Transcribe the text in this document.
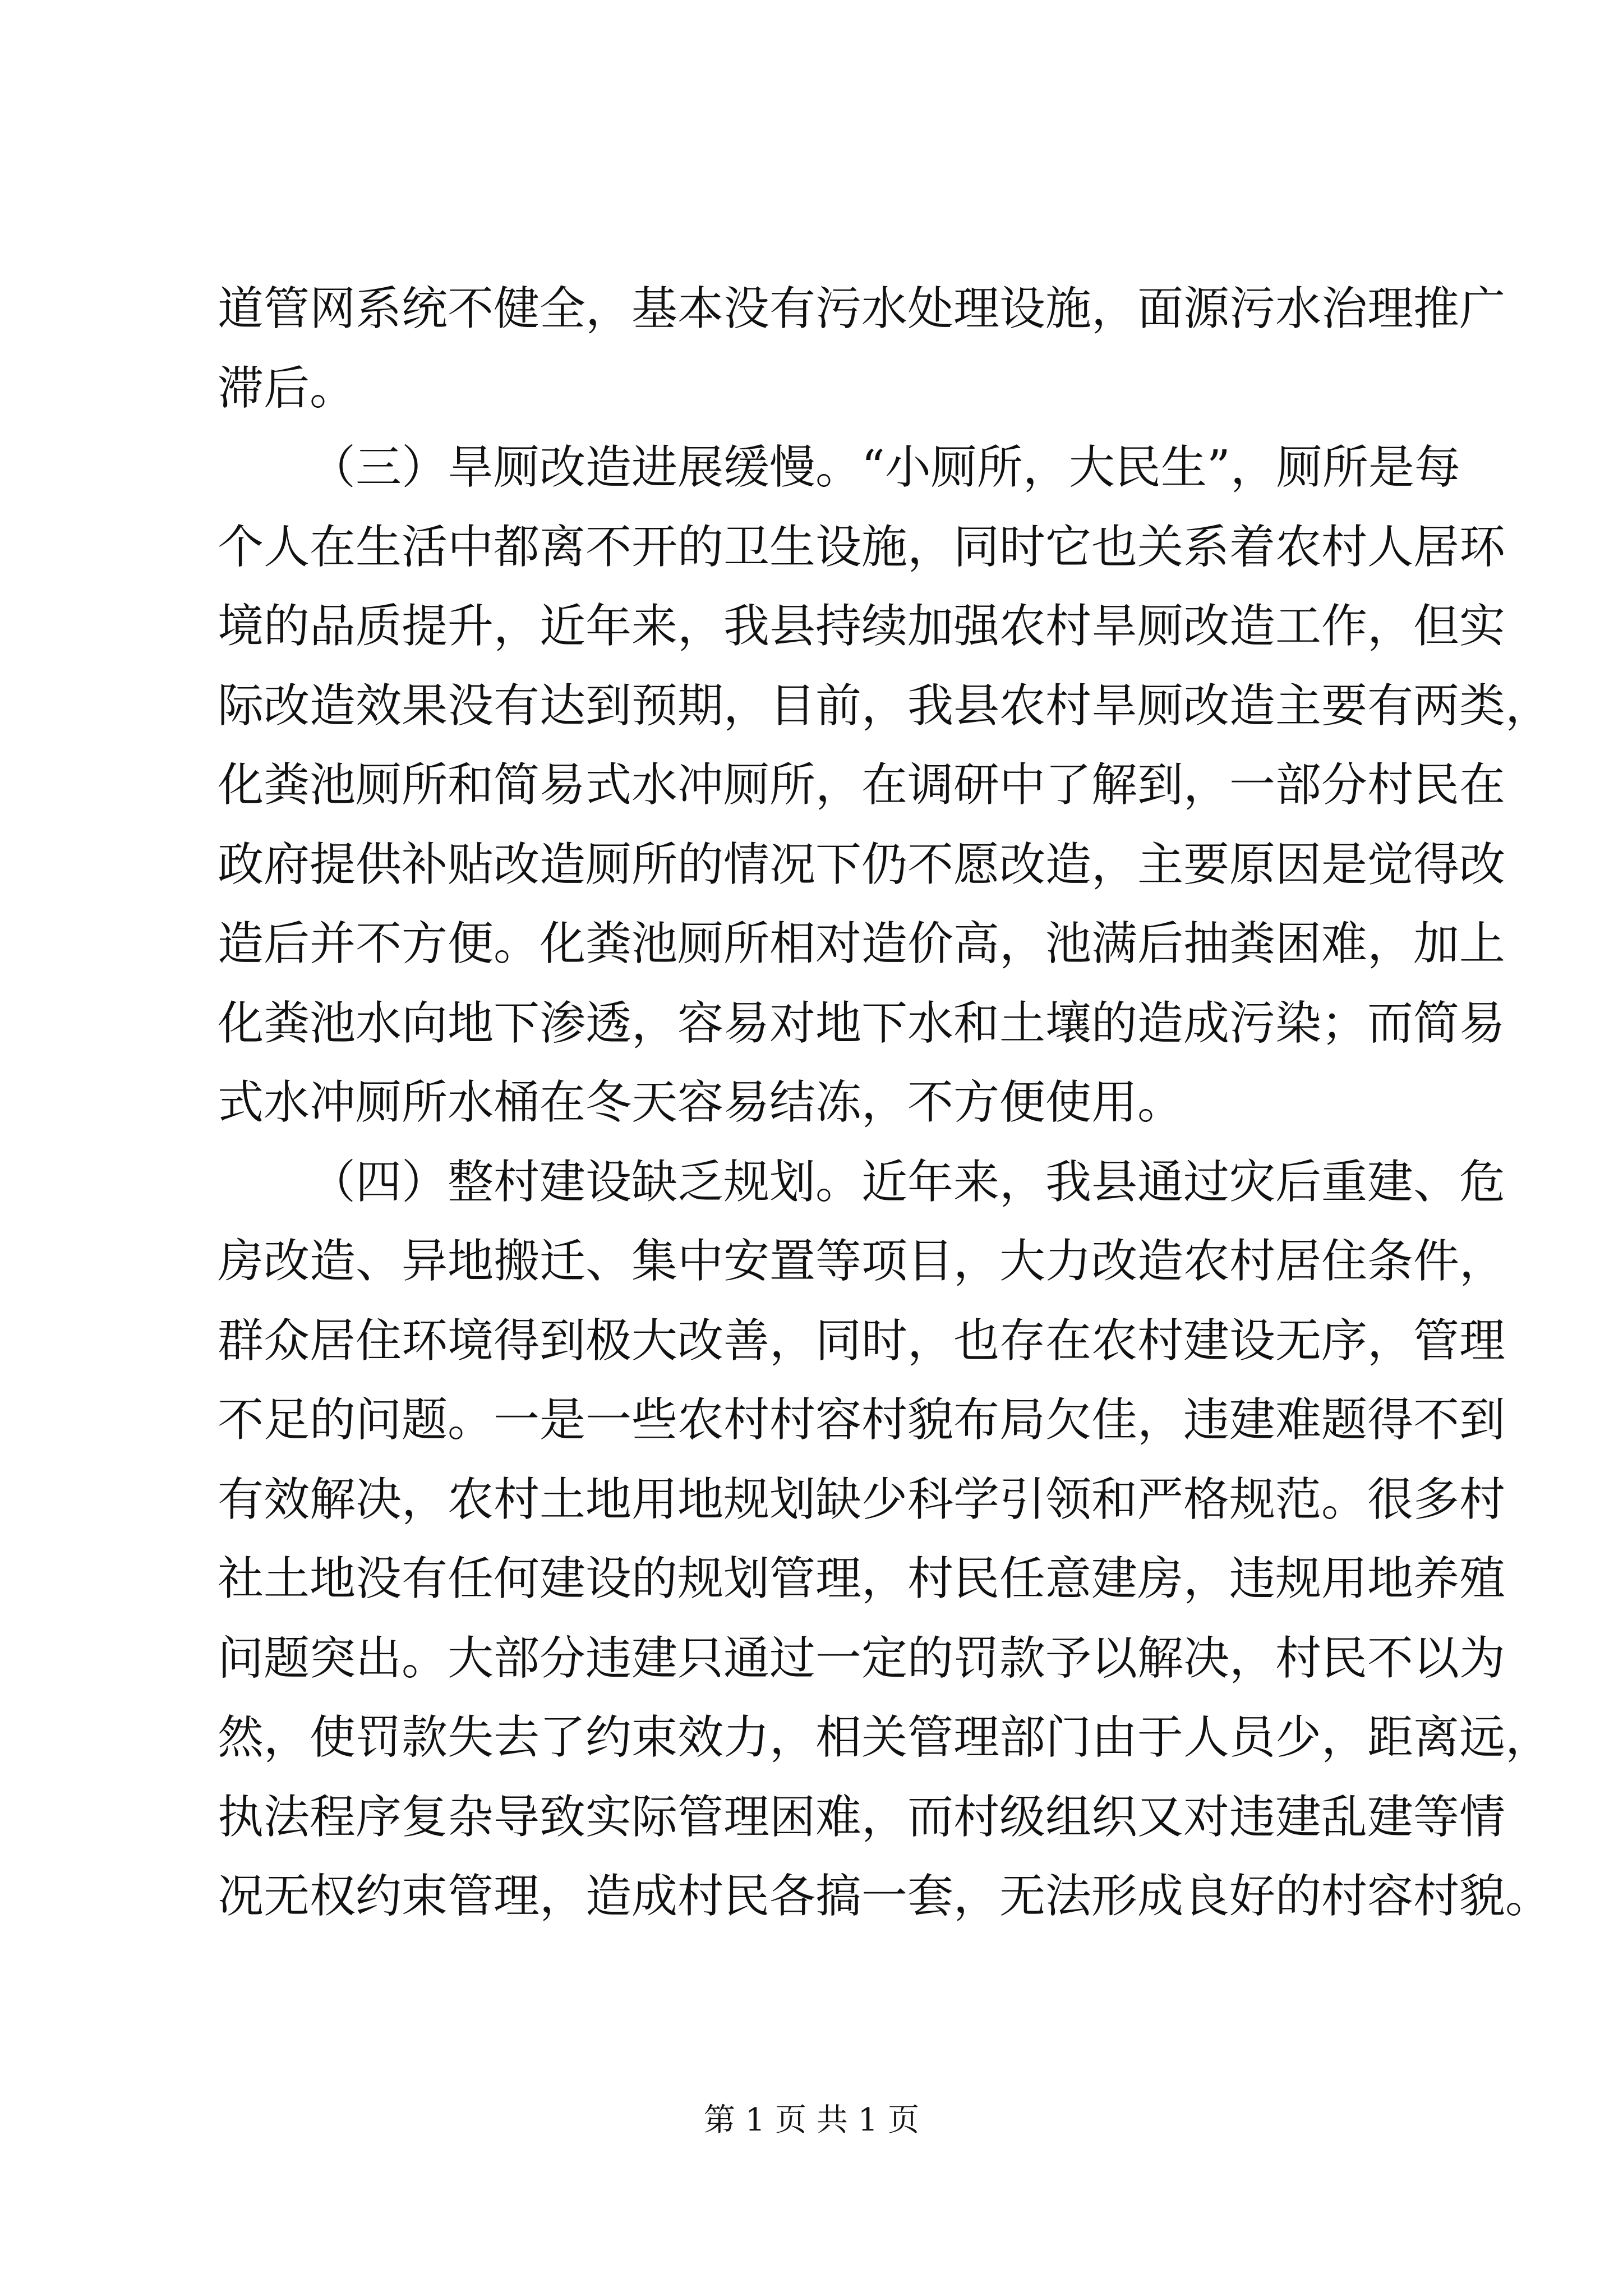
道管网系统不健全，基本没有污水处理设施，面源污水治理推广
滞后。
（三）旱厕改造进展缓慢。“小厕所，大民生”，厕所是每
个人在生活中都离不开的卫生设施，同时它也关系着农村人居环
境的品质提升，近年来，我县持续加强农村旱厕改造工作，但实
际改造效果没有达到预期，目前，我县农村旱厕改造主要有两类，
化粪池厕所和简易式水冲厕所，在调研中了解到，一部分村民在
政府提供补贴改造厕所的情况下仍不愿改造，主要原因是觉得改
造后并不方便。化粪池厕所相对造价高，池满后抽粪困难，加上
化粪池水向地下渗透，容易对地下水和土壤的造成污染；而简易
式水冲厕所水桶在冬天容易结冻，不方便使用。
（四）整村建设缺乏规划。近年来，我县通过灾后重建、危
房改造、异地搬迁、集中安置等项目，大力改造农村居住条件，
群众居住环境得到极大改善，同时，也存在农村建设无序，管理
不足的问题。一是一些农村村容村貌布局欠佳，违建难题得不到
有效解决，农村土地用地规划缺少科学引领和严格规范。很多村
社土地没有任何建设的规划管理，村民任意建房，违规用地养殖
问题突出。大部分违建只通过一定的罚款予以解决，村民不以为
然，使罚款失去了约束效力，相关管理部门由于人员少，距离远，
执法程序复杂导致实际管理困难，而村级组织又对违建乱建等情
况无权约束管理，造成村民各搞一套，无法形成良好的村容村貌。
第 1 页 共 1 页
